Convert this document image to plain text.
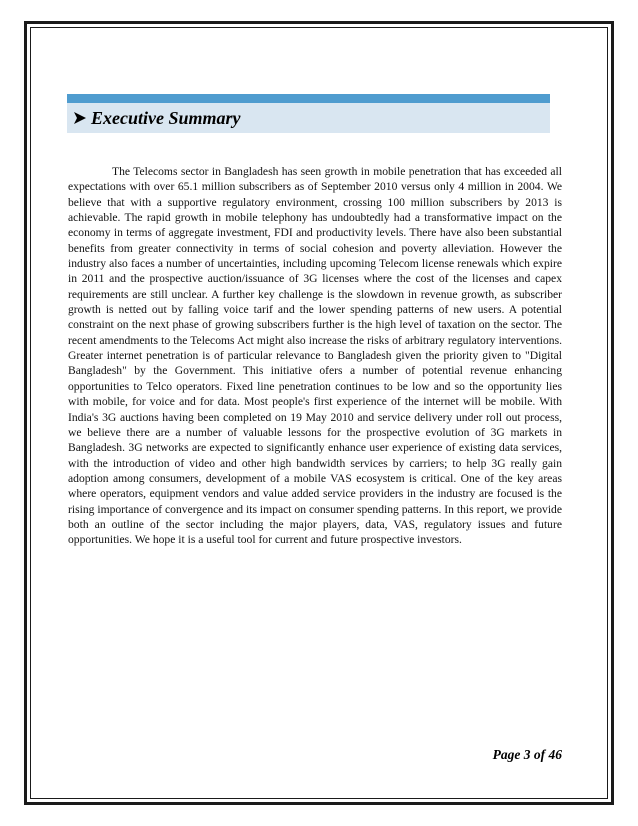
Executive Summary

The Telecoms sector in Bangladesh has seen growth in mobile penetration that has exceeded all expectations with over 65.1 million subscribers as of September 2010 versus only 4 million in 2004. We believe that with a supportive regulatory environment, crossing 100 million subscribers by 2013 is achievable. The rapid growth in mobile telephony has undoubtedly had a transformative impact on the economy in terms of aggregate investment, FDI and productivity levels. There have also been substantial benefits from greater connectivity in terms of social cohesion and poverty alleviation. However the industry also faces a number of uncertainties, including upcoming Telecom license renewals which expire in 2011 and the prospective auction/issuance of 3G licenses where the cost of the licenses and capex requirements are still unclear. A further key challenge is the slowdown in revenue growth, as subscriber growth is netted out by falling voice tarif and the lower spending patterns of new users. A potential constraint on the next phase of growing subscribers further is the high level of taxation on the sector. The recent amendments to the Telecoms Act might also increase the risks of arbitrary regulatory interventions. Greater internet penetration is of particular relevance to Bangladesh given the priority given to "Digital Bangladesh" by the Government. This initiative ofers a number of potential revenue enhancing opportunities to Telco operators. Fixed line penetration continues to be low and so the opportunity lies with mobile, for voice and for data. Most people's first experience of the internet will be mobile. With India's 3G auctions having been completed on 19 May 2010 and service delivery under roll out process, we believe there are a number of valuable lessons for the prospective evolution of 3G markets in Bangladesh. 3G networks are expected to significantly enhance user experience of existing data services, with the introduction of video and other high bandwidth services by carriers; to help 3G really gain adoption among consumers, development of a mobile VAS ecosystem is critical. One of the key areas where operators, equipment vendors and value added service providers in the industry are focused is the rising importance of convergence and its impact on consumer spending patterns. In this report, we provide both an outline of the sector including the major players, data, VAS, regulatory issues and future opportunities. We hope it is a useful tool for current and future prospective investors.

Page 3 of 46
